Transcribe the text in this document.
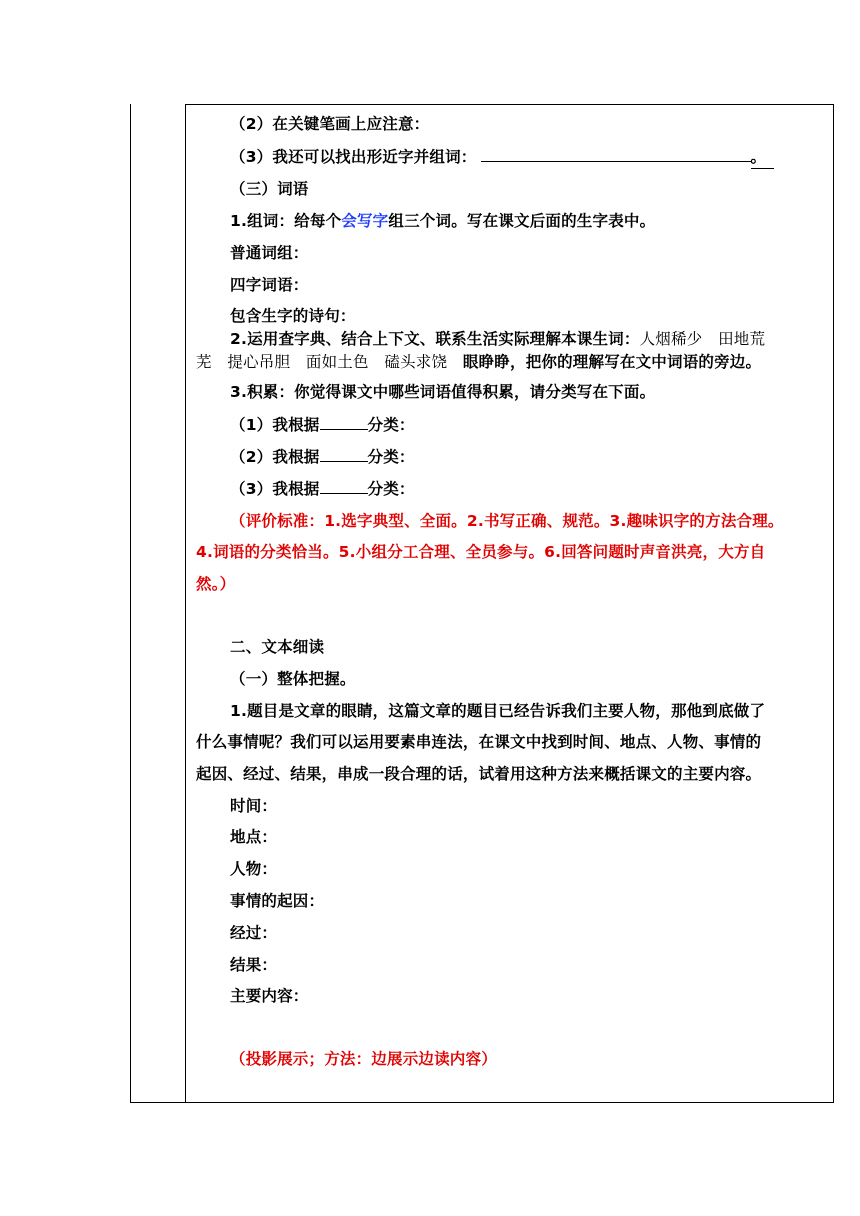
（2）在关键笔画上应注意：
（3）我还可以找出形近字并组词：	。
（三）词语
1.组词：给每个会写字组三个词。写在课文后面的生字表中。
普通词组：
四字词语：
包含生字的诗句：
2.运用查字典、结合上下文、联系生活实际理解本课生词：人烟稀少　田地荒
芜　提心吊胆　面如土色　磕头求饶　眼睁睁，把你的理解写在文中词语的旁边。
3.积累：你觉得课文中哪些词语值得积累，请分类写在下面。
（1）我根据	分类：
（2）我根据	分类：
（3）我根据	分类：
（评价标准：1.选字典型、全面。2.书写正确、规范。3.趣味识字的方法合理。
4.词语的分类恰当。5.小组分工合理、全员参与。6.回答问题时声音洪亮，大方自
然。）
二、文本细读
（一）整体把握。
1.题目是文章的眼睛，这篇文章的题目已经告诉我们主要人物，那他到底做了
什么事情呢？我们可以运用要素串连法，在课文中找到时间、地点、人物、事情的
起因、经过、结果，串成一段合理的话，试着用这种方法来概括课文的主要内容。
时间：
地点：
人物：
事情的起因：
经过：
结果：
主要内容：
（投影展示；方法：边展示边读内容）
